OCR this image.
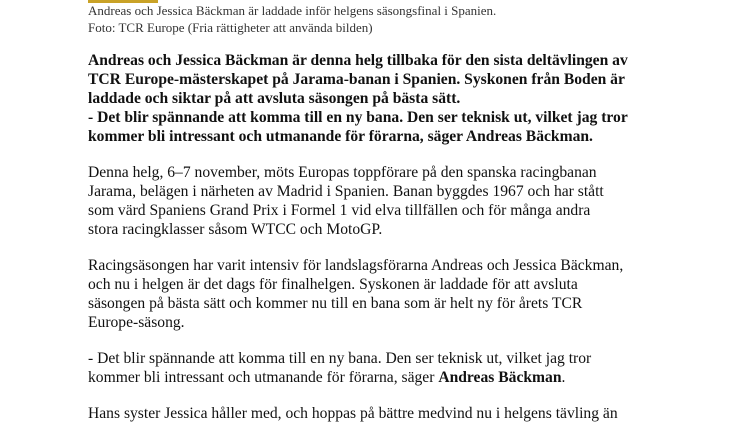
Andreas och Jessica Bäckman är laddade inför helgens säsongsfinal i Spanien.

Foto: TCR Europe (Fria rättigheter att använda bilden)

Andreas och Jessica Bäckman är denna helg tillbaka för den sista deltävlingen av
TCR Europe-mästerskapet på Jarama-banan i Spanien. Syskonen från Boden är
laddade och siktar på att avsluta säsongen på bästa sätt.
- Det blir spännande att komma till en ny bana. Den ser teknisk ut, vilket jag tror
kommer bli intressant och utmanande för förarna, säger Andreas Bäckman.

Denna helg, 6–7 november, möts Europas toppförare på den spanska racingbanan
Jarama, belägen i närheten av Madrid i Spanien. Banan byggdes 1967 och har stått
som värd Spaniens Grand Prix i Formel 1 vid elva tillfällen och för många andra
stora racingklasser såsom WTCC och MotoGP.

Racingsäsongen har varit intensiv för landslagsförarna Andreas och Jessica Bäckman,
och nu i helgen är det dags för finalhelgen. Syskonen är laddade för att avsluta
säsongen på bästa sätt och kommer nu till en bana som är helt ny för årets TCR
Europe-säsong.

- Det blir spännande att komma till en ny bana. Den ser teknisk ut, vilket jag tror
kommer bli intressant och utmanande för förarna, säger Andreas Bäckman.

Hans syster Jessica håller med, och hoppas på bättre medvind nu i helgens tävling än
